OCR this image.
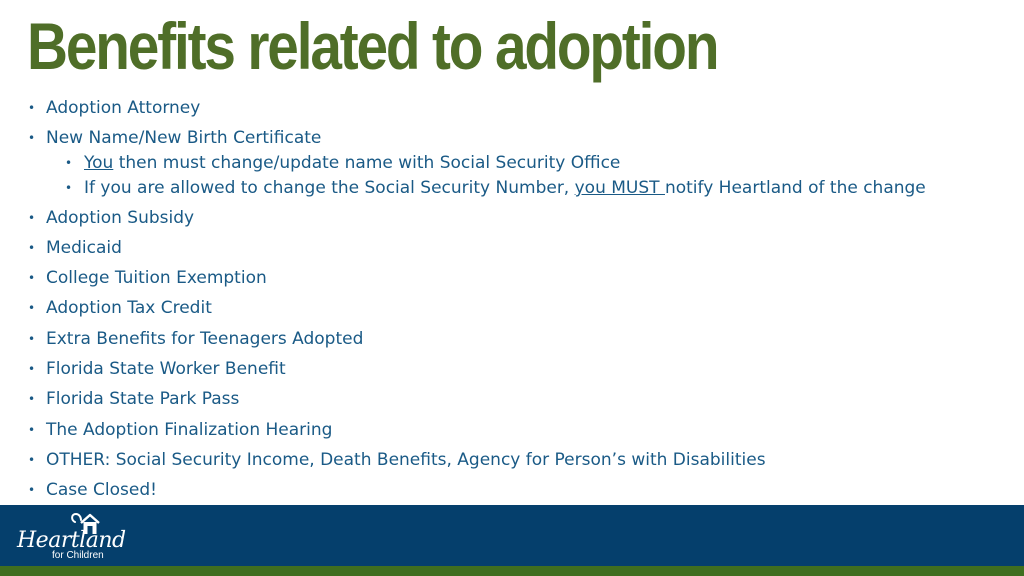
Benefits related to adoption
• Adoption Attorney
• New Name/New Birth Certificate
• You then must change/update name with Social Security Office
• If you are allowed to change the Social Security Number, you MUST notify Heartland of the change
• Adoption Subsidy
• Medicaid
• College Tuition Exemption
• Adoption Tax Credit
• Extra Benefits for Teenagers Adopted
• Florida State Worker Benefit
• Florida State Park Pass
• The Adoption Finalization Hearing
• OTHER: Social Security Income, Death Benefits, Agency for Person’s with Disabilities
• Case Closed!
Heartland
for Children
